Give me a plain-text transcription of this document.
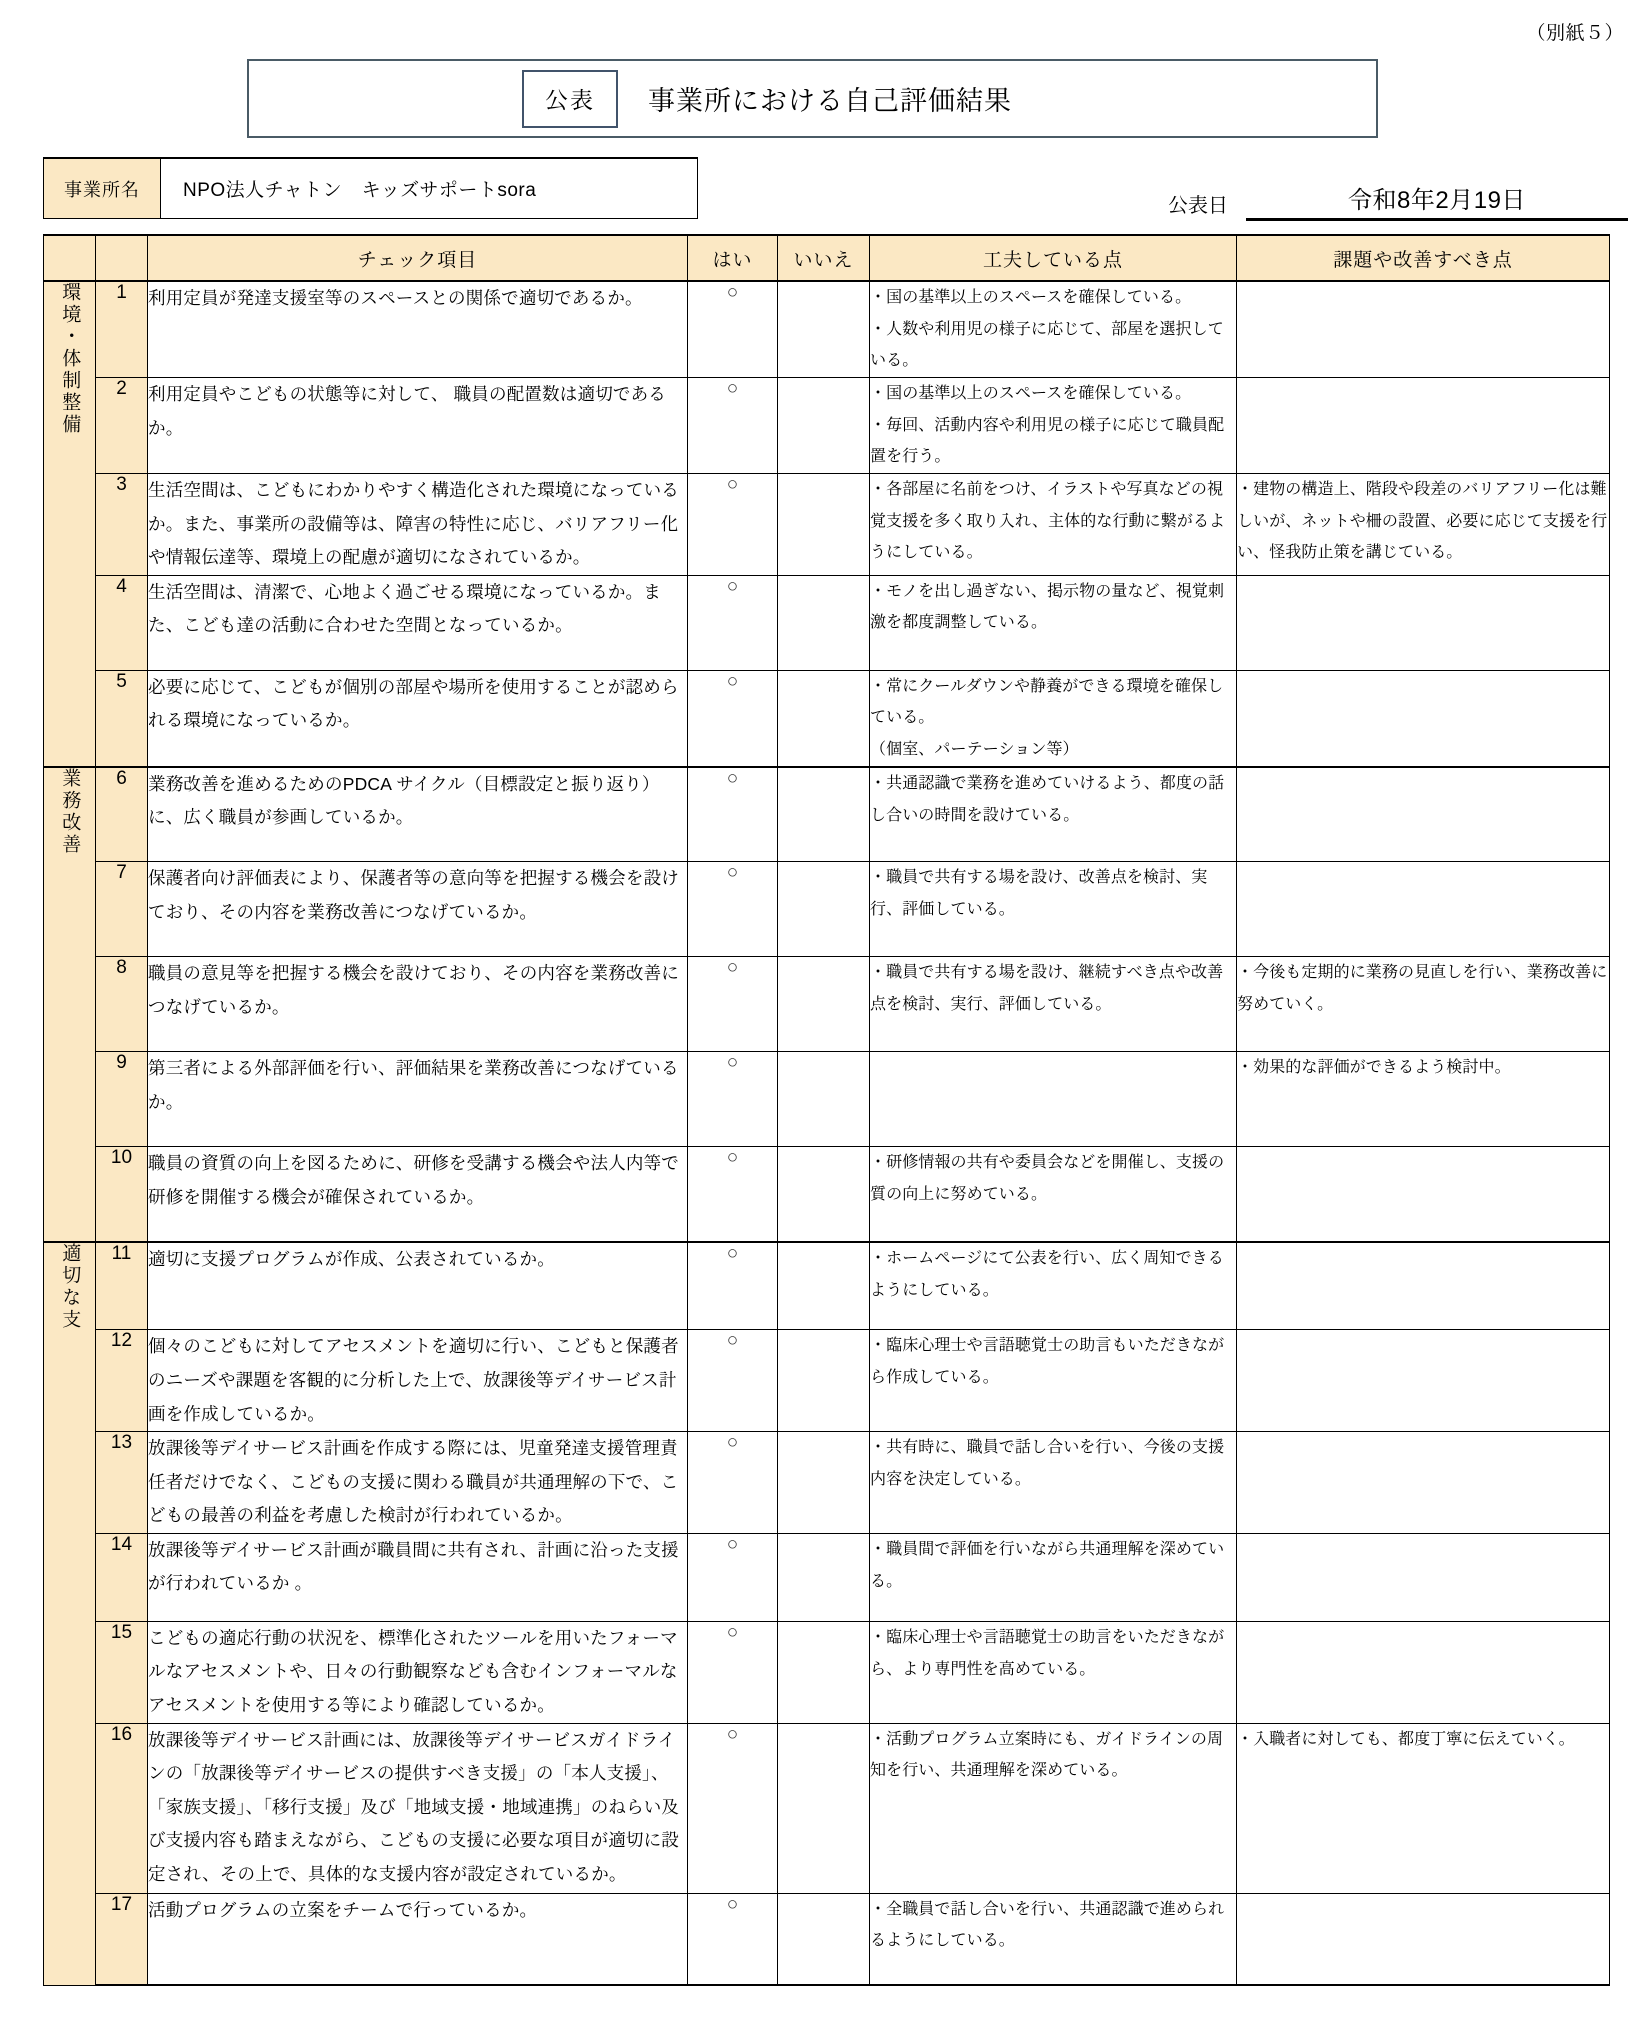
（別紙５）
公表	事業所における自己評価結果
事業所名	NPO法人チャトン　キッズサポートsora
公表日	令和8年2月19日
		チェック項目	はい	いいえ	工夫している点	課題や改善すべき点
環境・体制整備	1	利用定員が発達支援室等のスペースとの関係で適切であるか。	○		・国の基準以上のスペースを確保している。
・人数や利用児の様子に応じて、部屋を選択している。	

	2	利用定員やこどもの状態等に対して、 職員の配置数は適切であるか。	○		・国の基準以上のスペースを確保している。
・毎回、活動内容や利用児の様子に応じて職員配置を行う。	

	3	生活空間は、こどもにわかりやすく構造化された環境になっているか。また、事業所の設備等は、障害の特性に応じ、バリアフリー化や情報伝達等、環境上の配慮が適切になされているか。	○		・各部屋に名前をつけ、イラストや写真などの視覚支援を多く取り入れ、主体的な行動に繋がるようにしている。	・建物の構造上、階段や段差のバリアフリー化は難しいが、ネットや柵の設置、必要に応じて支援を行い、怪我防止策を講じている。

	4	生活空間は、清潔で、心地よく過ごせる環境になっているか。また、こども達の活動に合わせた空間となっているか。	○		・モノを出し過ぎない、掲示物の量など、視覚刺激を都度調整している。	

	5	必要に応じて、こどもが個別の部屋や場所を使用することが認められる環境になっているか。	○		・常にクールダウンや静養ができる環境を確保している。
（個室、パーテーション等）	

業務改善	6	業務改善を進めるためのPDCA サイクル（目標設定と振り返り）に、広く職員が参画しているか。	○		・共通認識で業務を進めていけるよう、都度の話し合いの時間を設けている。	

	7	保護者向け評価表により、保護者等の意向等を把握する機会を設けており、その内容を業務改善につなげているか。	○		・職員で共有する場を設け、改善点を検討、実行、評価している。	

	8	職員の意見等を把握する機会を設けており、その内容を業務改善につなげているか。	○		・職員で共有する場を設け、継続すべき点や改善点を検討、実行、評価している。	・今後も定期的に業務の見直しを行い、業務改善に努めていく。

	9	第三者による外部評価を行い、評価結果を業務改善につなげているか。	○			・効果的な評価ができるよう検討中。

	10	職員の資質の向上を図るために、研修を受講する機会や法人内等で研修を開催する機会が確保されているか。	○		・研修情報の共有や委員会などを開催し、支援の質の向上に努めている。	

適切な支	11	適切に支援プログラムが作成、公表されているか。	○		・ホームページにて公表を行い、広く周知できるようにしている。	

	12	個々のこどもに対してアセスメントを適切に行い、こどもと保護者のニーズや課題を客観的に分析した上で、放課後等デイサービス計画を作成しているか。	○		・臨床心理士や言語聴覚士の助言もいただきながら作成している。	

	13	放課後等デイサービス計画を作成する際には、児童発達支援管理責任者だけでなく、こどもの支援に関わる職員が共通理解の下で、こどもの最善の利益を考慮した検討が行われているか。	○		・共有時に、職員で話し合いを行い、今後の支援内容を決定している。	

	14	放課後等デイサービス計画が職員間に共有され、計画に沿った支援が行われているか 。	○		・職員間で評価を行いながら共通理解を深めている。	

	15	こどもの適応行動の状況を、標準化されたツールを用いたフォーマルなアセスメントや、日々の行動観察なども含むインフォーマルなアセスメントを使用する等により確認しているか。	○		・臨床心理士や言語聴覚士の助言をいただきながら、より専門性を高めている。	

	16	放課後等デイサービス計画には、放課後等デイサービスガイドラインの「放課後等デイサービスの提供すべき支援」の「本人支援」、「家族支援」、「移行支援」及び「地域支援・地域連携」のねらい及び支援内容も踏まえながら、こどもの支援に必要な項目が適切に設定され、その上で、具体的な支援内容が設定されているか。	○		・活動プログラム立案時にも、ガイドラインの周知を行い、共通理解を深めている。	・入職者に対しても、都度丁寧に伝えていく。

	17	活動プログラムの立案をチームで行っているか。	○		・全職員で話し合いを行い、共通認識で進められるようにしている。	
